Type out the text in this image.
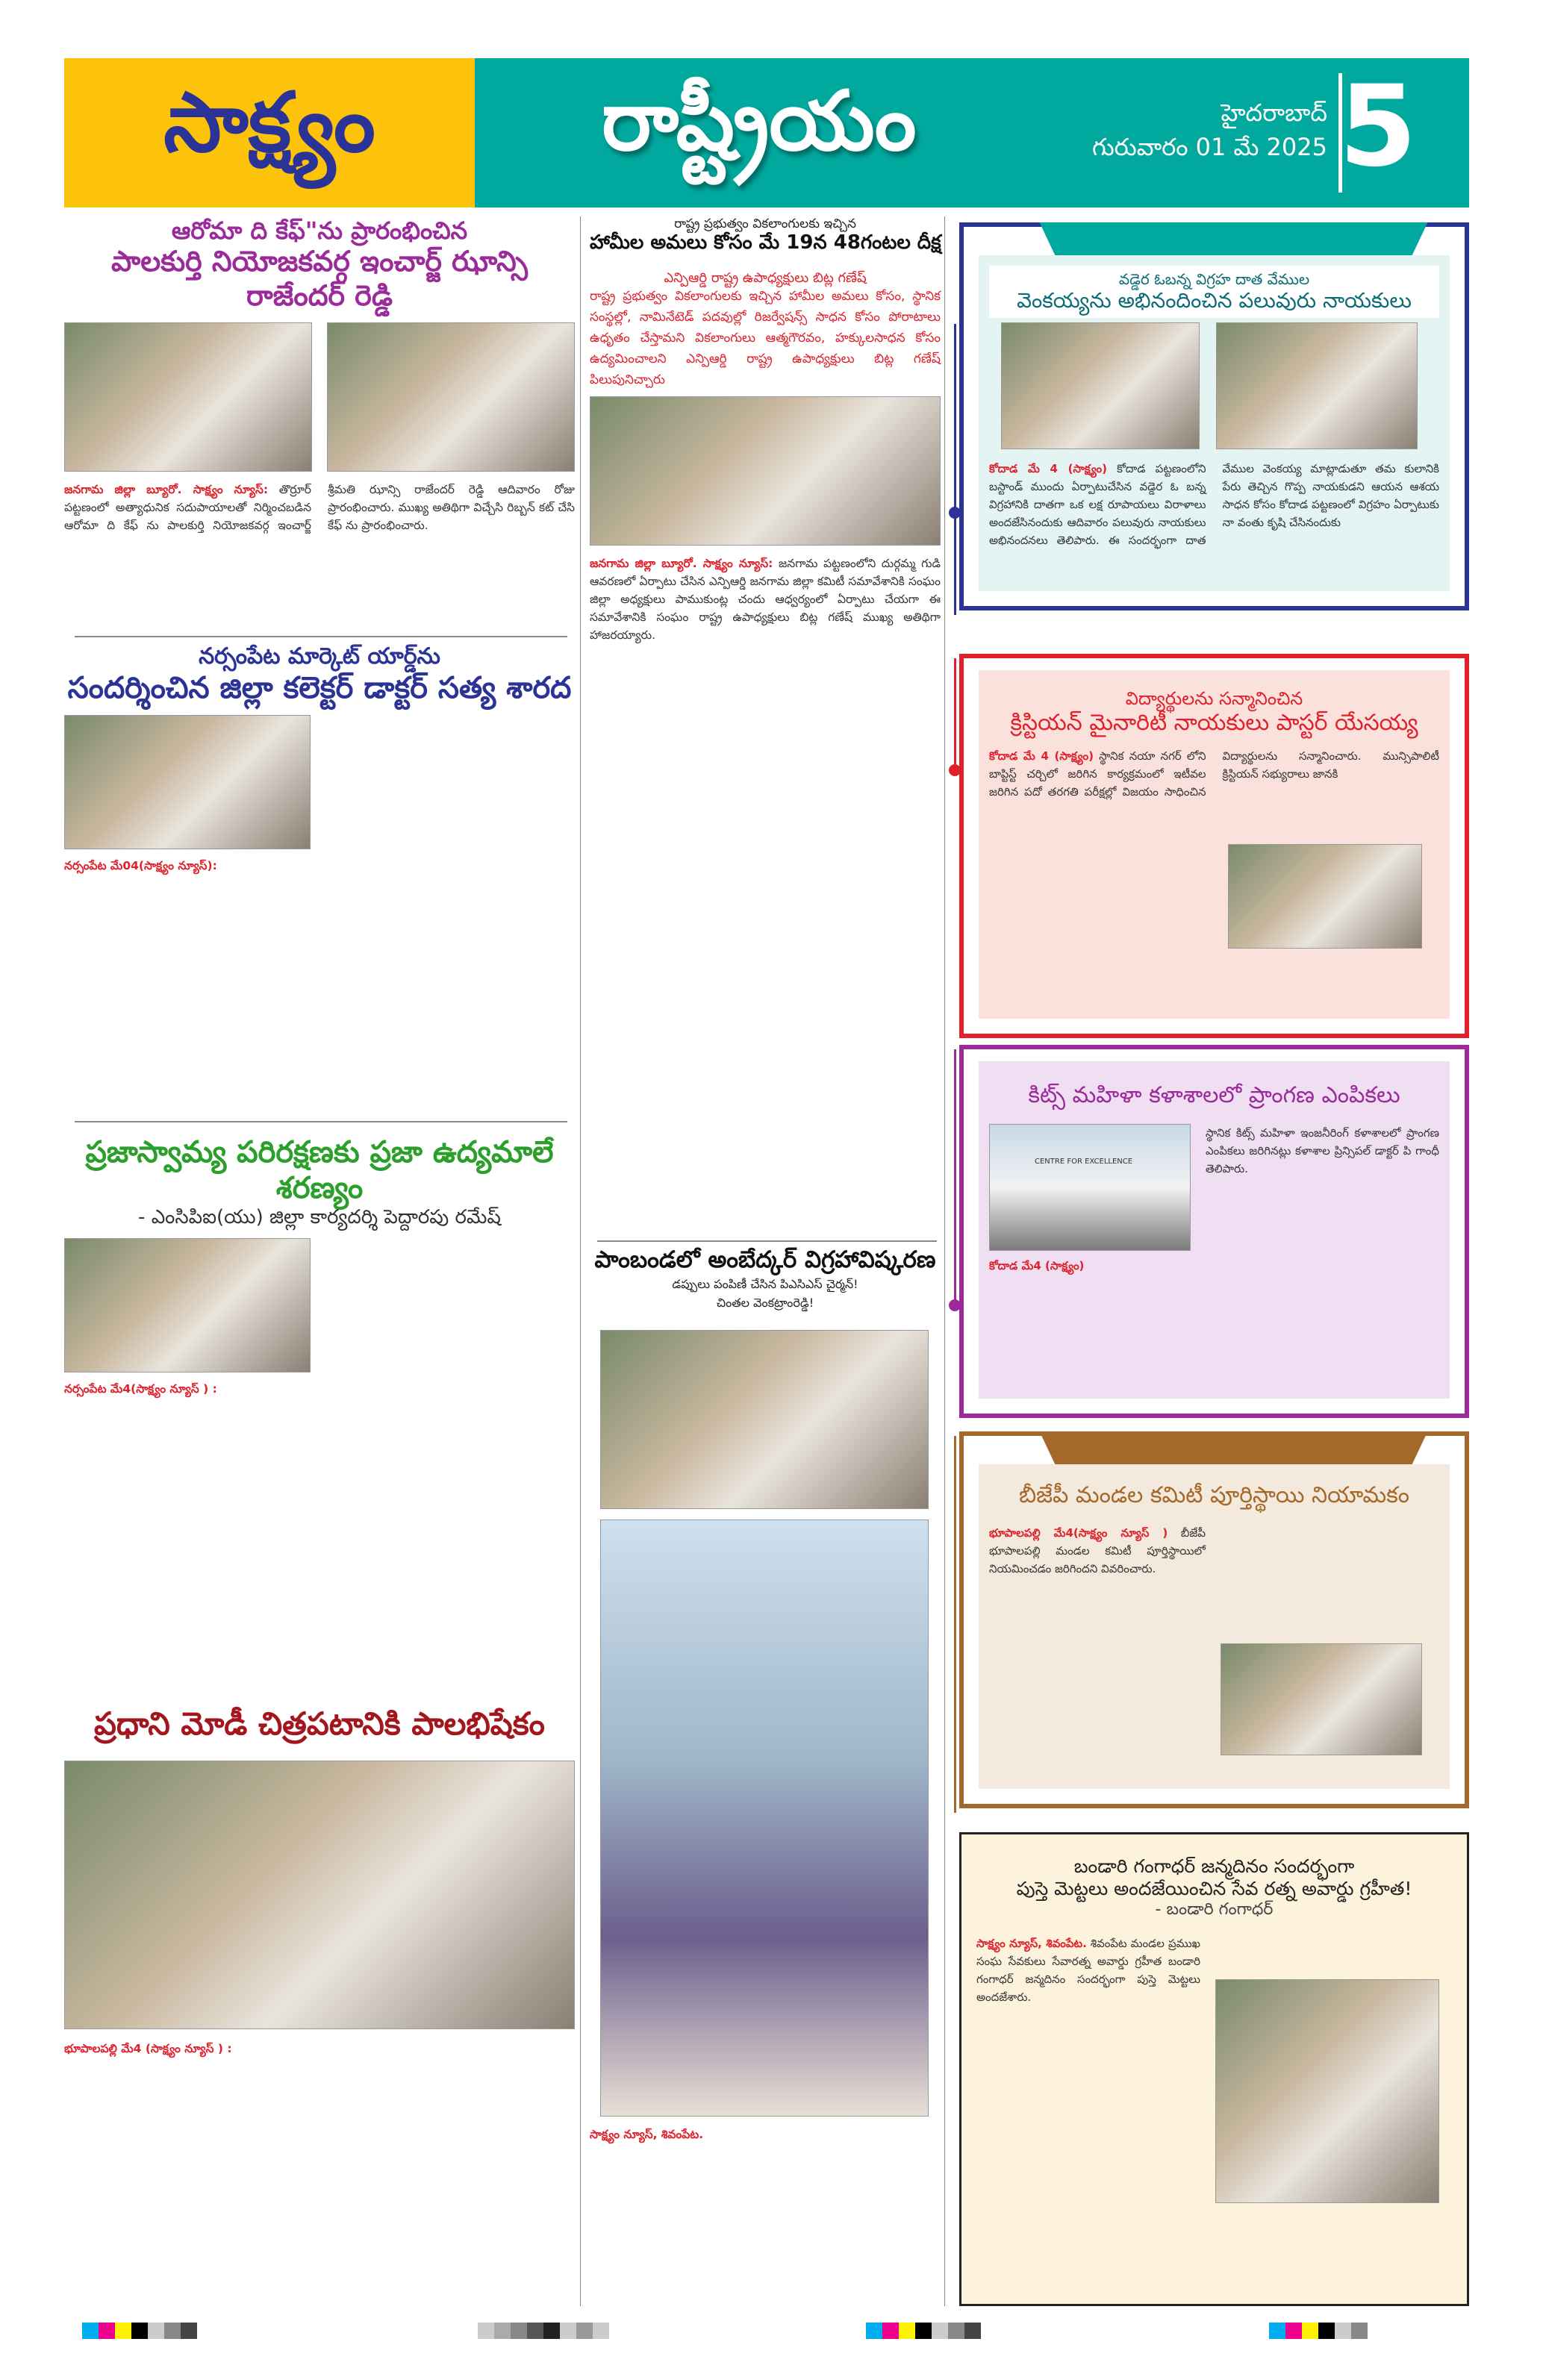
సాక్ష్యం	రాష్ట్రీయం	హైదరాబాద్
గురువారం 01 మే 2025 5
ఆరోమా ది కేఫ్"ను ప్రారంభించిన
పాలకుర్తి నియోజకవర్గ ఇంచార్జ్ ఝాన్సి రాజేందర్ రెడ్డి
జనగామ జిల్లా బ్యూరో. సాక్ష్యం న్యూస్: తొర్రూర్ పట్టణంలో అత్యాధునిక సదుపాయాలతో నిర్మించబడిన ఆరోమా ది కేఫ్ ను పాలకుర్తి నియోజకవర్గ ఇంచార్జ్ శ్రీమతి ఝాన్సి రాజేందర్ రెడ్డి ఆదివారం రోజు ప్రారంభించారు. ముఖ్య అతిథిగా విచ్చేసి రిబ్బన్ కట్ చేసి కేఫ్ ను ప్రారంభించారు.
నర్సంపేట మార్కెట్ యార్డ్‌ను
సందర్శించిన జిల్లా కలెక్టర్ డాక్టర్ సత్య శారద
నర్సంపేట మే04(సాక్ష్యం న్యూస్):
ప్రజాస్వామ్య పరిరక్షణకు ప్రజా ఉద్యమాలే శరణ్యం
- ఎంసిపిఐ(యు) జిల్లా కార్యదర్శి పెద్దారపు రమేష్
నర్సంపేట మే4(సాక్ష్యం న్యూస్ ) :
ప్రధాని మోడీ చిత్రపటానికి పాలభిషేకం
భూపాలపల్లి మే4 (సాక్ష్యం న్యూస్ ) :
రాష్ట్ర ప్రభుత్వం వికలాంగులకు ఇచ్చిన
హామీల అమలు కోసం మే 19న 48గంటల దీక్ష
ఎన్పిఆర్డి రాష్ట్ర ఉపాధ్యక్షులు బిట్ల గణేష్
రాష్ట్ర ప్రభుత్వం వికలాంగులకు ఇచ్చిన హామీల అమలు కోసం, స్థానిక సంస్థల్లో, నామినేటెడ్ పదవుల్లో రిజర్వేషన్స్ సాధన కోసం పోరాటాలు ఉధృతం చేస్తామని వికలాంగులు ఆత్మగౌరవం, హక్కులసాధన కోసం ఉద్యమించాలని ఎన్పిఆర్డి రాష్ట్ర ఉపాధ్యక్షులు బిట్ల గణేష్ పిలుపునిచ్చారు
జనగామ జిల్లా బ్యూరో. సాక్ష్యం న్యూస్: జనగామ పట్టణంలోని దుర్గమ్మ గుడి ఆవరణలో ఏర్పాటు చేసిన ఎన్పిఆర్డి జనగామ జిల్లా కమిటీ సమావేశానికి సంఘం జిల్లా అధ్యక్షులు పాముకుంట్ల చందు ఆధ్వర్యంలో ఏర్పాటు చేయగా ఈ సమావేశానికి సంఘం రాష్ట్ర ఉపాధ్యక్షులు బిట్ల గణేష్ ముఖ్య అతిథిగా హాజరయ్యారు.
పాంబండలో అంబేద్కర్ విగ్రహావిష్కరణ
డప్పులు పంపిణీ చేసిన పిఎసిఎస్ చైర్మన్!
చింతల వెంకట్రాంరెడ్డి!
సాక్ష్యం న్యూస్, శివంపేట.
వడ్డెర ఓబన్న విగ్రహ దాత వేముల
వెంకయ్యను అభినందించిన పలువురు నాయకులు
కోదాడ మే 4 (సాక్ష్యం) కోదాడ పట్టణంలోని బస్టాండ్ ముందు ఏర్పాటుచేసిన వడ్డెర ఓ బన్న విగ్రహానికి దాతగా ఒక లక్ష రూపాయలు విరాళాలు అందజేసినందుకు ఆదివారం పలువురు నాయకులు అభినందనలు తెలిపారు. ఈ సందర్భంగా దాత వేముల వెంకయ్య మాట్లాడుతూ తమ కులానికి పేరు తెచ్చిన గొప్ప నాయకుడని ఆయన ఆశయ సాధన కోసం కోదాడ పట్టణంలో విగ్రహం ఏర్పాటుకు నా వంతు కృషి చేసినందుకు
విద్యార్థులను సన్మానించిన
క్రిస్టియన్ మైనారిటీ నాయకులు పాస్టర్ యేసయ్య
కోదాడ మే 4 (సాక్ష్యం) స్థానిక నయా నగర్ లోని బాప్టిస్ట్ చర్చిలో జరిగిన కార్యక్రమంలో ఇటీవల జరిగిన పదో తరగతి పరీక్షల్లో విజయం సాధించిన విద్యార్థులను సన్మానించారు. మున్సిపాలిటీ క్రిస్టియన్ సభ్యురాలు జానకి
కిట్స్ మహిళా కళాశాలలో ప్రాంగణ ఎంపికలు
CENTRE FOR EXCELLENCE
స్థానిక కిట్స్ మహిళా ఇంజనీరింగ్ కళాశాలలో ప్రాంగణ ఎంపికలు జరిగినట్లు కళాశాల ప్రిన్సిపల్ డాక్టర్ పి గాంధీ తెలిపారు.
కోదాడ మే4 (సాక్ష్యం)
బీజేపీ మండల కమిటీ పూర్తిస్థాయి నియామకం
భూపాలపల్లి మే4(సాక్ష్యం న్యూస్ ) బీజేపీ భూపాలపల్లి మండల కమిటీ పూర్తిస్థాయిలో నియమించడం జరిగిందని వివరించారు.
బండారి గంగాధర్ జన్మదినం సందర్భంగా
పుస్తె మెట్టలు అందజేయించిన సేవ రత్న అవార్డు గ్రహీత!
- బండారి గంగాధర్
సాక్ష్యం న్యూస్, శివంపేట. శివంపేట మండల ప్రముఖ సంఘ సేవకులు సేవారత్న అవార్డు గ్రహీత బండారి గంగాధర్ జన్మదినం సందర్భంగా పుస్తె మెట్టలు అందజేశారు.
